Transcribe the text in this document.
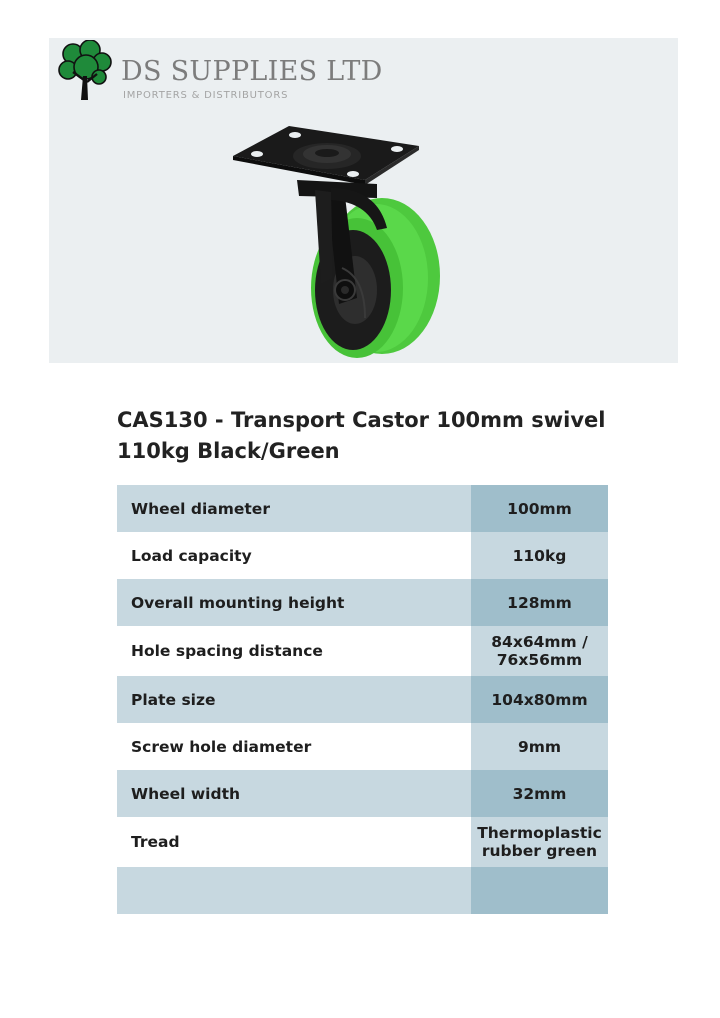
DS SUPPLIES LTD
IMPORTERS & DISTRIBUTORS
CAS130 - Transport Castor 100mm swivel 110kg Black/Green
Wheel diameter	100mm
Load capacity	110kg
Overall mounting height	128mm
Hole spacing distance	84x64mm / 76x56mm
Plate size	104x80mm
Screw hole diameter	9mm
Wheel width	32mm
Tread	Thermoplastic rubber green
